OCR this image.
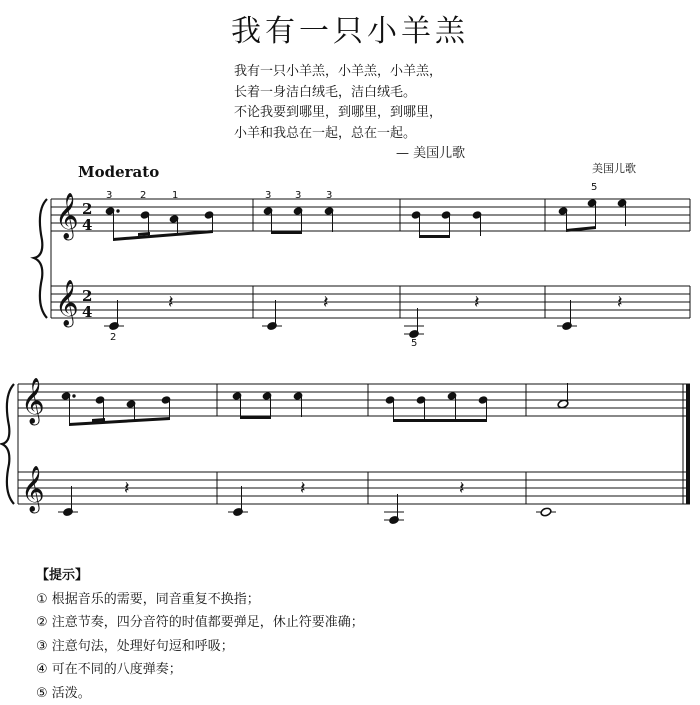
我有一只小羊羔
我有一只小羊羔，小羊羔，小羊羔，
长着一身洁白绒毛，洁白绒毛。
不论我要到哪里，到哪里，到哪里，
小羊和我总在一起，总在一起。
— 美国儿歌
Moderato	美国儿歌
𝄞
𝄞
𝄞
𝄞
2
4
2
4	𝄽	𝄽	𝄽	𝄽
𝄽	𝄽	𝄽
3	2	1	3 3 3
5
2
5
【提示】
① 根据音乐的需要，同音重复不换指；
② 注意节奏，四分音符的时值都要弹足，休止符要准确；
③ 注意句法，处理好句逗和呼吸；
④ 可在不同的八度弹奏；
⑤ 活泼。
